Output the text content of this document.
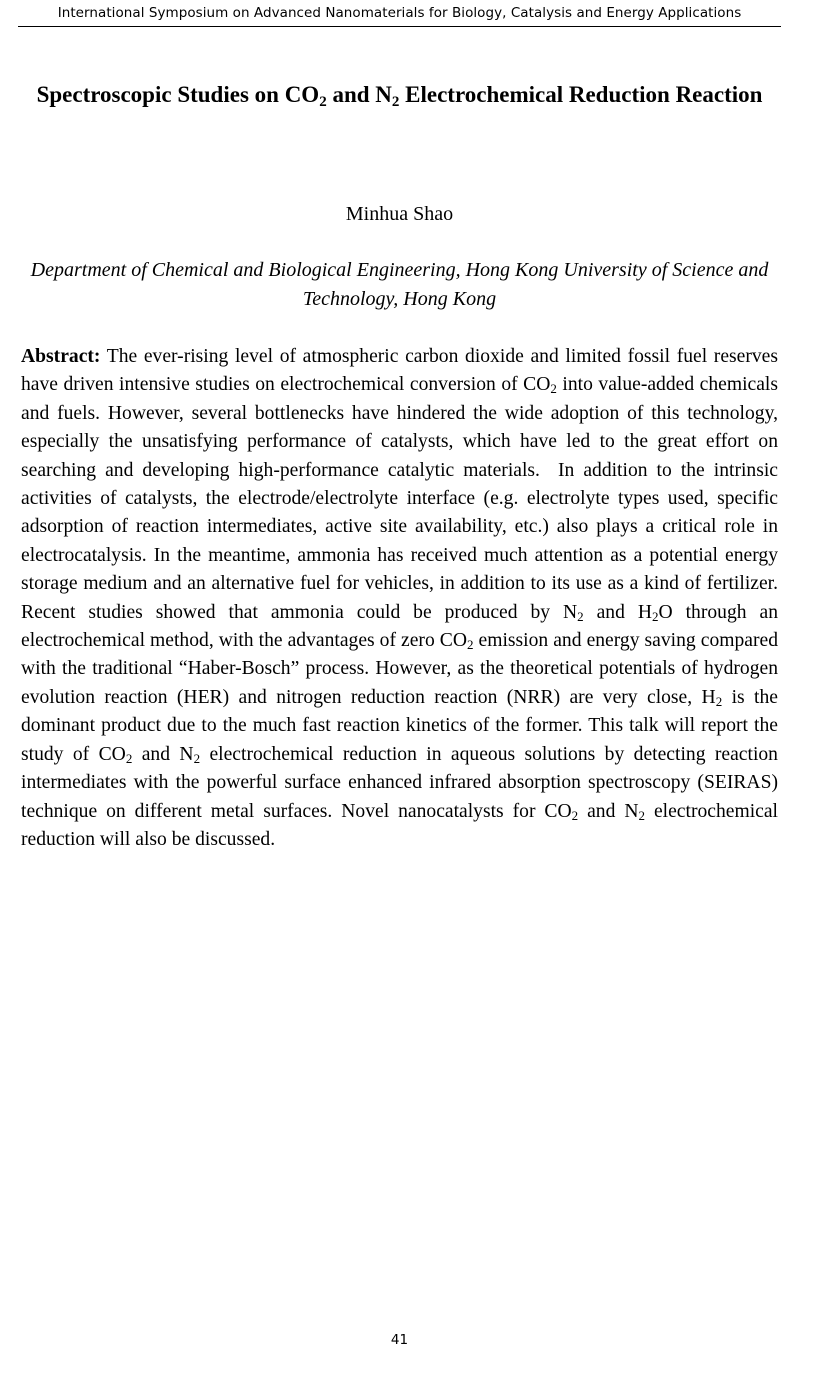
International Symposium on Advanced Nanomaterials for Biology, Catalysis and Energy Applications
Spectroscopic Studies on $CO_2$ and $N_2$ Electrochemical Reduction Reaction
Minhua Shao
Department of Chemical and Biological Engineering, Hong Kong University of Science and Technology, Hong Kong

Abstract: The ever-rising level of atmospheric carbon dioxide and limited fossil fuel reserves have driven intensive studies on electrochemical conversion of $CO_2$ into value-added chemicals and fuels. However, several bottlenecks have hindered the wide adoption of this technology, especially the unsatisfying performance of catalysts, which have led to the great effort on searching and developing high-performance catalytic materials.  In addition to the intrinsic activities of catalysts, the electrode/electrolyte interface (e.g. electrolyte types used, specific adsorption of reaction intermediates, active site availability, etc.) also plays a critical role in electrocatalysis. In the meantime, ammonia has received much attention as a potential energy storage medium and an alternative fuel for vehicles, in addition to its use as a kind of fertilizer. Recent studies showed that ammonia could be produced by $N_2$ and $H_2O$ through an electrochemical method, with the advantages of zero $CO_2$ emission and energy saving compared with the traditional “Haber-Bosch” process. However, as the theoretical potentials of hydrogen evolution reaction (HER) and nitrogen reduction reaction (NRR) are very close, $H_2$ is the dominant product due to the much fast reaction kinetics of the former. This talk will report the study of $CO_2$ and $N_2$ electrochemical reduction in aqueous solutions by detecting reaction intermediates with the powerful surface enhanced infrared absorption spectroscopy (SEIRAS) technique on different metal surfaces. Novel nanocatalysts for $CO_2$ and $N_2$ electrochemical reduction will also be discussed.

41
